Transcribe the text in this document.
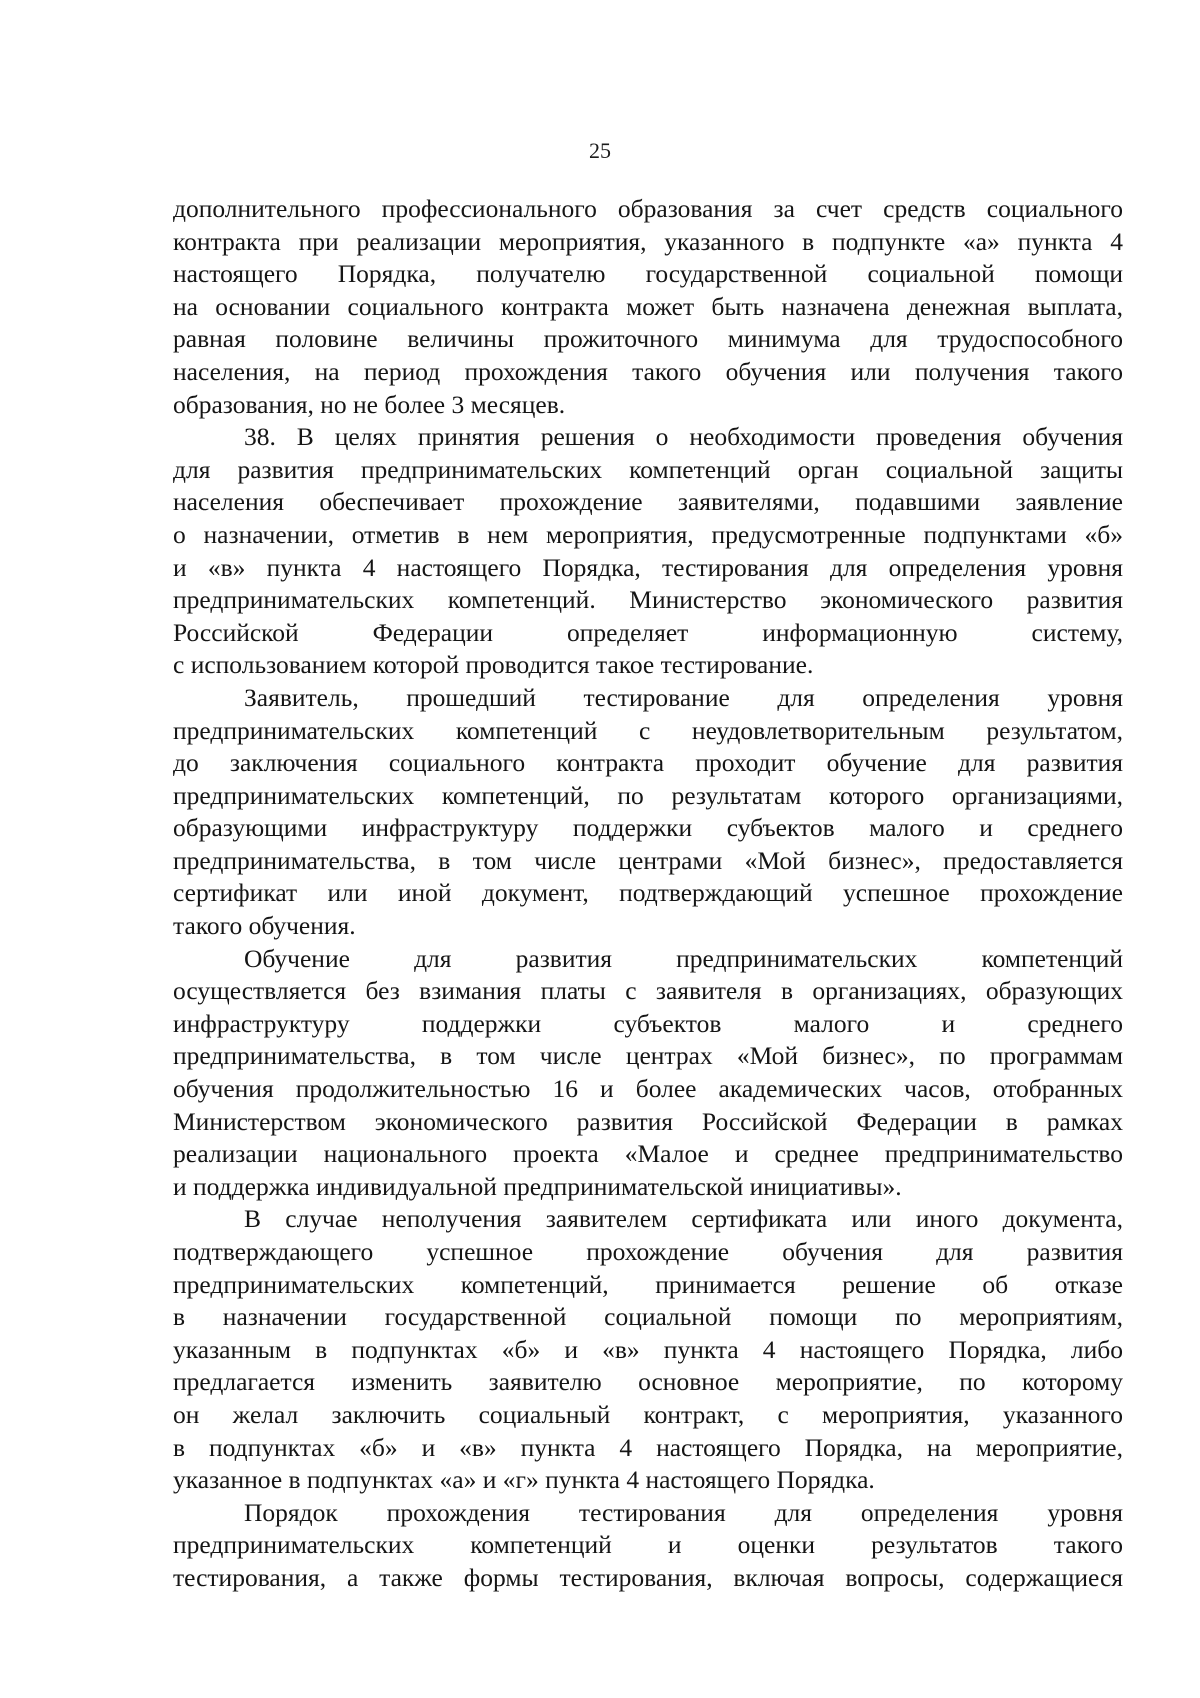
25
дополнительного профессионального образования за счет средств социального
контракта при реализации мероприятия, указанного в подпункте «а» пункта 4
настоящего Порядка, получателю государственной социальной помощи
на основании социального контракта может быть назначена денежная выплата,
равная половине величины прожиточного минимума для трудоспособного
населения, на период прохождения такого обучения или получения такого
образования, но не более 3 месяцев.
38. В целях принятия решения о необходимости проведения обучения
для развития предпринимательских компетенций орган социальной защиты
населения обеспечивает прохождение заявителями, подавшими заявление
о назначении, отметив в нем мероприятия, предусмотренные подпунктами «б»
и «в» пункта 4 настоящего Порядка, тестирования для определения уровня
предпринимательских компетенций. Министерство экономического развития
Российской Федерации определяет информационную систему,
с использованием которой проводится такое тестирование.
Заявитель, прошедший тестирование для определения уровня
предпринимательских компетенций с неудовлетворительным результатом,
до заключения социального контракта проходит обучение для развития
предпринимательских компетенций, по результатам которого организациями,
образующими инфраструктуру поддержки субъектов малого и среднего
предпринимательства, в том числе центрами «Мой бизнес», предоставляется
сертификат или иной документ, подтверждающий успешное прохождение
такого обучения.
Обучение для развития предпринимательских компетенций
осуществляется без взимания платы с заявителя в организациях, образующих
инфраструктуру поддержки субъектов малого и среднего
предпринимательства, в том числе центрах «Мой бизнес», по программам
обучения продолжительностью 16 и более академических часов, отобранных
Министерством экономического развития Российской Федерации в рамках
реализации национального проекта «Малое и среднее предпринимательство
и поддержка индивидуальной предпринимательской инициативы».
В случае неполучения заявителем сертификата или иного документа,
подтверждающего успешное прохождение обучения для развития
предпринимательских компетенций, принимается решение об отказе
в назначении государственной социальной помощи по мероприятиям,
указанным в подпунктах «б» и «в» пункта 4 настоящего Порядка, либо
предлагается изменить заявителю основное мероприятие, по которому
он желал заключить социальный контракт, с мероприятия, указанного
в подпунктах «б» и «в» пункта 4 настоящего Порядка, на мероприятие,
указанное в подпунктах «а» и «г» пункта 4 настоящего Порядка.
Порядок прохождения тестирования для определения уровня
предпринимательских компетенций и оценки результатов такого
тестирования, а также формы тестирования, включая вопросы, содержащиеся
